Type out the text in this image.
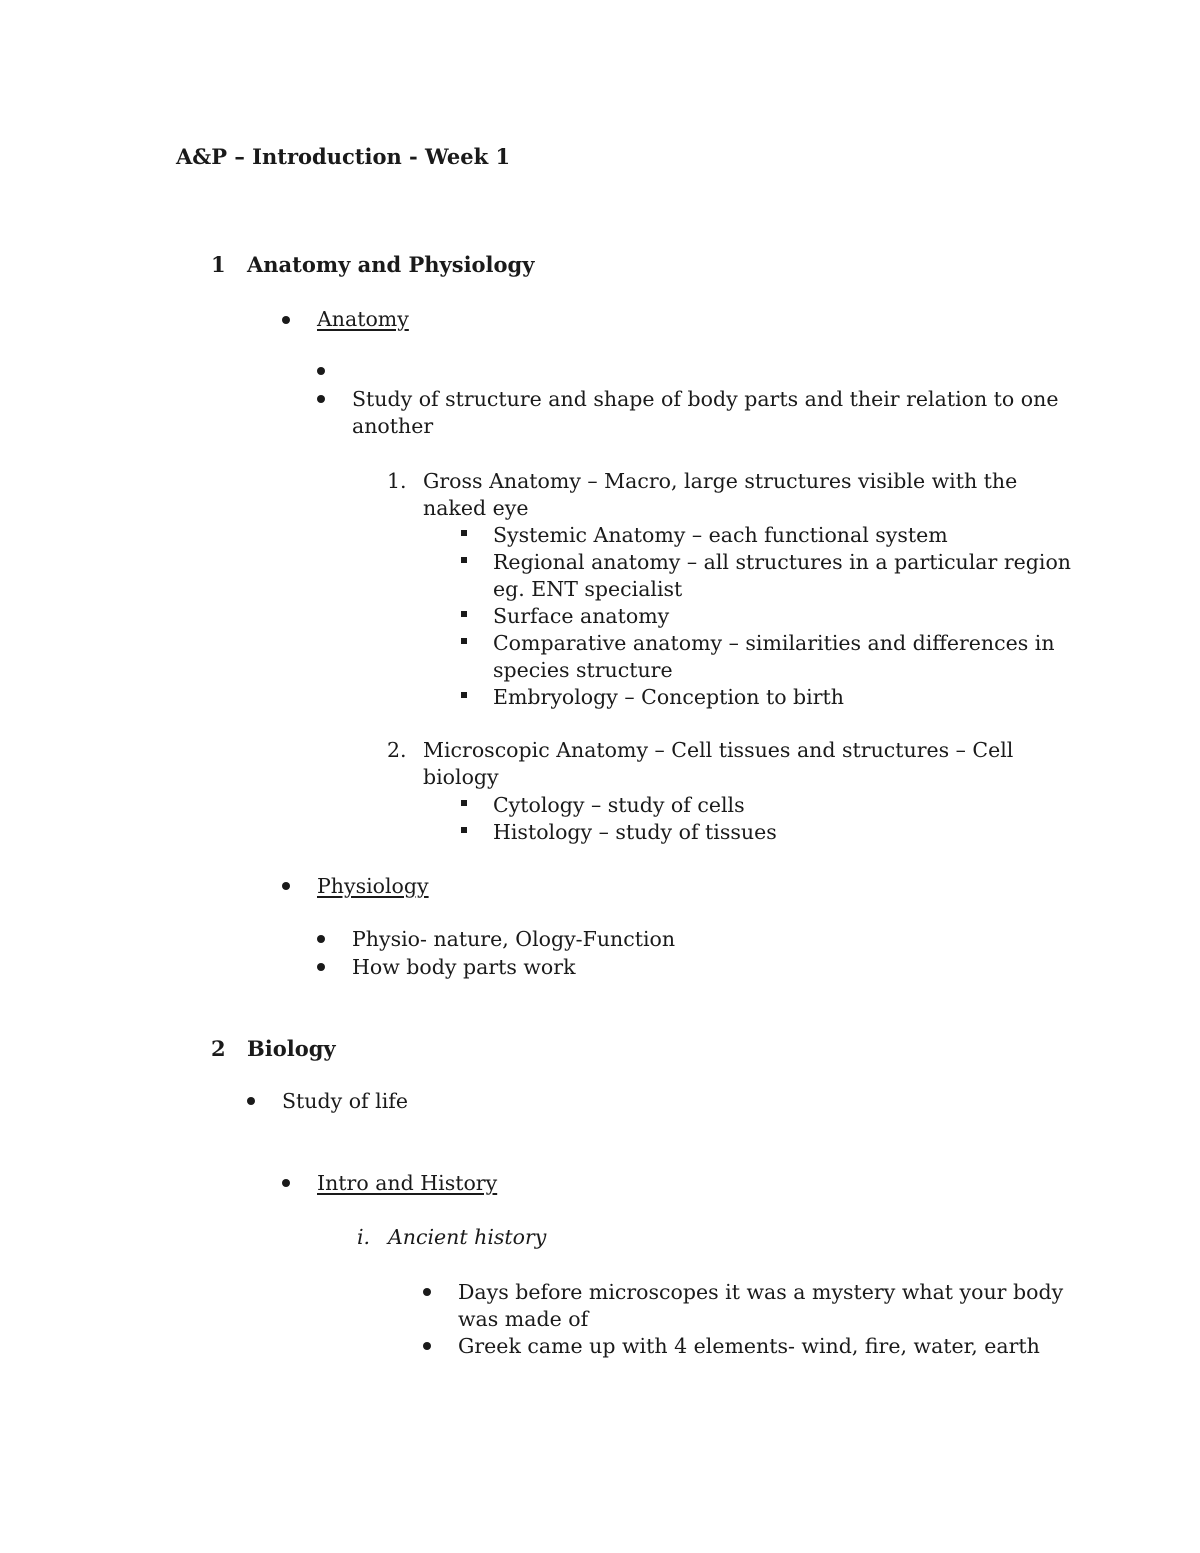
A&P – Introduction - Week 1
1 Anatomy and Physiology
Anatomy
Study of structure and shape of body parts and their relation to one
another
1. Gross Anatomy – Macro, large structures visible with the
naked eye
Systemic Anatomy – each functional system
Regional anatomy – all structures in a particular region
eg. ENT specialist
Surface anatomy
Comparative anatomy – similarities and differences in
species structure
Embryology – Conception to birth
2. Microscopic Anatomy – Cell tissues and structures – Cell
biology
Cytology – study of cells
Histology – study of tissues
Physiology
Physio- nature, Ology-Function
How body parts work
2 Biology
Study of life
Intro and History
i. Ancient history
Days before microscopes it was a mystery what your body
was made of
Greek came up with 4 elements- wind, fire, water, earth
